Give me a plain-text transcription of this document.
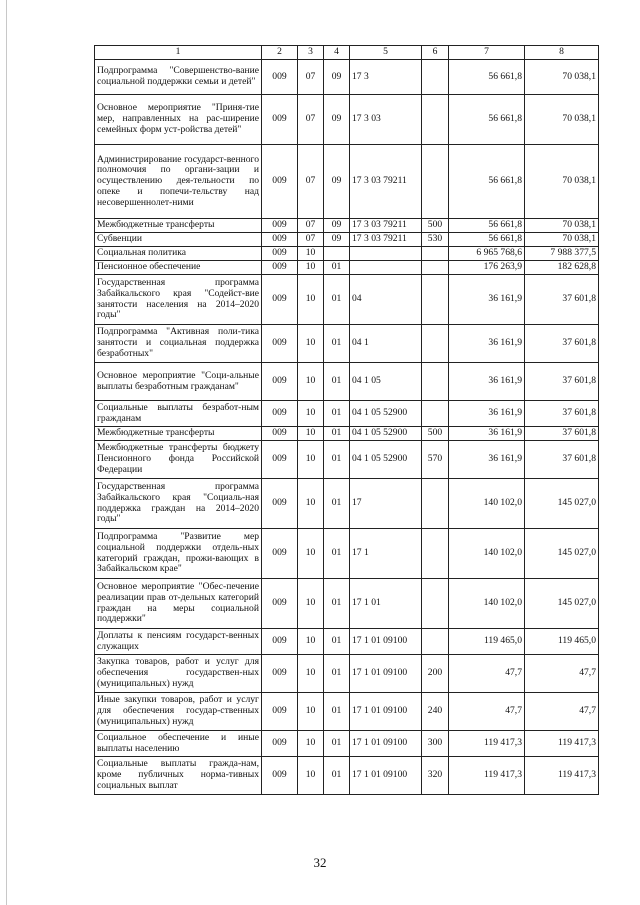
1	2	3	4	5	6	7	8
Подпрограмма "Совершенство-вание социальной поддержки семьи и детей"	009	07	09	17 3		56 661,8	70 038,1
Основное мероприятие "Приня-тие мер, направленных на рас-ширение семейных форм уст-ройства детей"	009	07	09	17 3 03		56 661,8	70 038,1
Администрирование государст-венного полномочия по органи-зации и осуществлению дея-тельности по опеке и попечи-тельству над несовершеннолет-ними	009	07	09	17 3 03 79211		56 661,8	70 038,1
Межбюджетные трансферты	009	07	09	17 3 03 79211	500	56 661,8	70 038,1
Субвенции	009	07	09	17 3 03 79211	530	56 661,8	70 038,1
Социальная политика	009	10				6 965 768,6	7 988 377,5
Пенсионное обеспечение	009	10	01			176 263,9	182 628,8
Государственная программа Забайкальского края "Содейст-вие занятости населения на 2014–2020 годы"	009	10	01	04		36 161,9	37 601,8
Подпрограмма "Активная поли-тика занятости и социальная поддержка безработных"	009	10	01	04 1		36 161,9	37 601,8
Основное мероприятие "Соци-альные выплаты безработным гражданам"	009	10	01	04 1 05		36 161,9	37 601,8
Социальные выплаты безработ-ным гражданам	009	10	01	04 1 05 52900		36 161,9	37 601,8
Межбюджетные трансферты	009	10	01	04 1 05 52900	500	36 161,9	37 601,8
Межбюджетные трансферты бюджету Пенсионного фонда Российской Федерации	009	10	01	04 1 05 52900	570	36 161,9	37 601,8
Государственная программа Забайкальского края "Социаль-ная поддержка граждан на 2014–2020 годы"	009	10	01	17		140 102,0	145 027,0
Подпрограмма "Развитие мер социальной поддержки отдель-ных категорий граждан, прожи-вающих в Забайкальском крае"	009	10	01	17 1		140 102,0	145 027,0
Основное мероприятие "Обес-печение реализации прав от-дельных категорий граждан на меры социальной поддержки"	009	10	01	17 1 01		140 102,0	145 027,0
Доплаты к пенсиям государст-венных служащих	009	10	01	17 1 01 09100		119 465,0	119 465,0
Закупка товаров, работ и услуг для обеспечения государствен-ных (муниципальных) нужд	009	10	01	17 1 01 09100	200	47,7	47,7
Иные закупки товаров, работ и услуг для обеспечения государ-ственных (муниципальных) нужд	009	10	01	17 1 01 09100	240	47,7	47,7
Социальное обеспечение и иные выплаты населению	009	10	01	17 1 01 09100	300	119 417,3	119 417,3
Социальные выплаты гражда-нам, кроме публичных норма-тивных социальных выплат	009	10	01	17 1 01 09100	320	119 417,3	119 417,3
32
